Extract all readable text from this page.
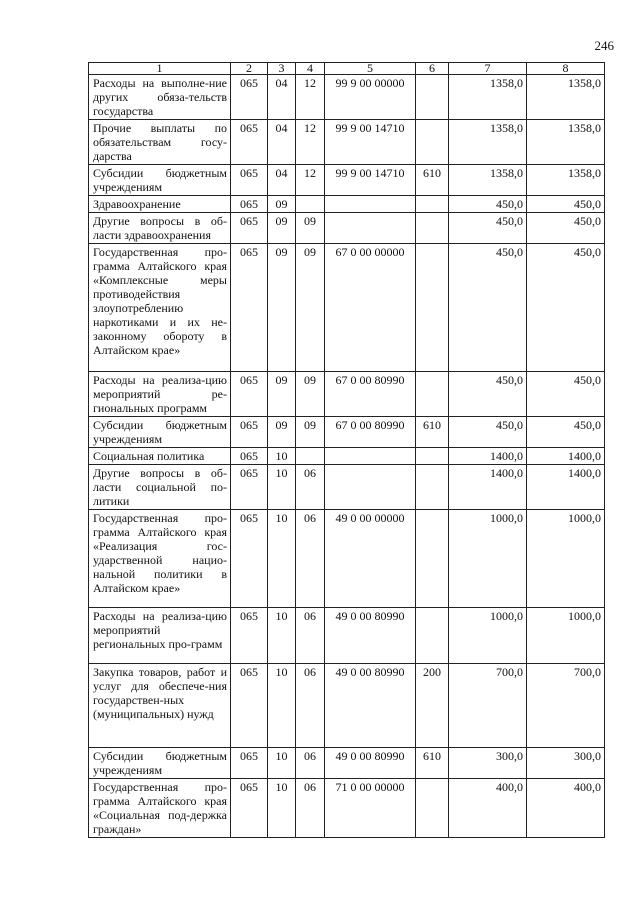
246
1	2	3	4	5	6	7	8
Расходы на выполне-ние других обяза-тельств государства	065	04	12	99 9 00 00000		1358,0	1358,0
Прочие выплаты по обязательствам госу-дарства	065	04	12	99 9 00 14710		1358,0	1358,0
Субсидии бюджетным учреждениям	065	04	12	99 9 00 14710	610	1358,0	1358,0
Здравоохранение	065	09				450,0	450,0
Другие вопросы в об-ласти здравоохранения	065	09	09			450,0	450,0
Государственная про-грамма Алтайского края «Комплексные меры противодействия злоупотреблению наркотиками и их не-законному обороту в Алтайском крае»	065	09	09	67 0 00 00000		450,0	450,0
Расходы на реализа-цию мероприятий ре-гиональных программ	065	09	09	67 0 00 80990		450,0	450,0
Субсидии бюджетным учреждениям	065	09	09	67 0 00 80990	610	450,0	450,0
Социальная политика	065	10				1400,0	1400,0
Другие вопросы в об-ласти социальной по-литики	065	10	06			1400,0	1400,0
Государственная про-грамма Алтайского края «Реализация гос-ударственной нацио-нальной политики в Алтайском крае»	065	10	06	49 0 00 00000		1000,0	1000,0
Расходы на реализа-цию мероприятий региональных про-грамм	065	10	06	49 0 00 80990		1000,0	1000,0
Закупка товаров, работ и услуг для обеспече-ния государствен-ных (муниципальных) нужд	065	10	06	49 0 00 80990	200	700,0	700,0
Субсидии бюджетным учреждениям	065	10	06	49 0 00 80990	610	300,0	300,0
Государственная про-грамма Алтайского края «Социальная под-держка граждан»	065	10	06	71 0 00 00000		400,0	400,0
